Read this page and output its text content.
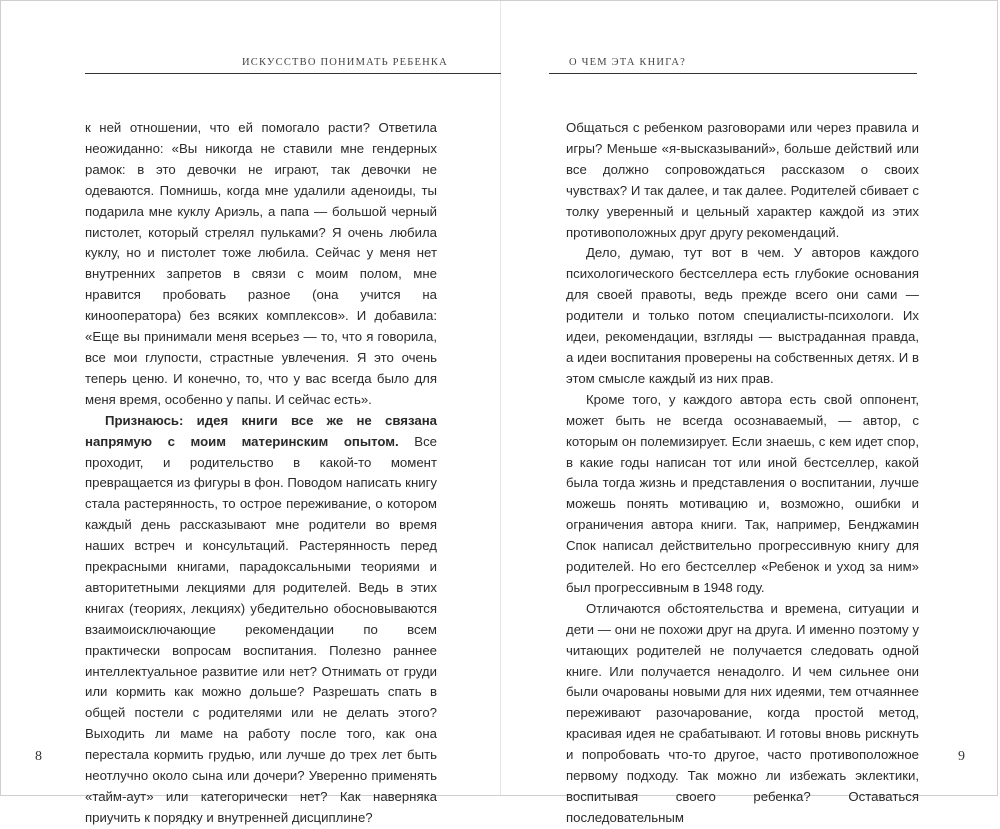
ИСКУССТВО ПОНИМАТЬ РЕБЕНКА

к ней отношении, что ей помогало расти? Ответила неожиданно: «Вы никогда не ставили мне гендерных рамок: в это девочки не играют, так девочки не одеваются. Помнишь, когда мне удалили аденоиды, ты подарила мне куклу Ариэль, а папа — большой черный пистолет, который стрелял пульками? Я очень любила куклу, но и пистолет тоже любила. Сейчас у меня нет внутренних запретов в связи с моим полом, мне нравится пробовать разное (она учится на кинооператора) без всяких комплексов». И добавила: «Еще вы принимали меня всерьез — то, что я говорила, все мои глупости, страстные увлечения. Я это очень теперь ценю. И конечно, то, что у вас всегда было для меня время, особенно у папы. И сейчас есть».

Признаюсь: идея книги все же не связана напрямую с моим материнским опытом. Все проходит, и родительство в какой-то момент превращается из фигуры в фон. Поводом написать книгу стала растерянность, то острое переживание, о котором каждый день рассказывают мне родители во время наших встреч и консультаций. Растерянность перед прекрасными книгами, парадоксальными теориями и авторитетными лекциями для родителей. Ведь в этих книгах (теориях, лекциях) убедительно обосновываются взаимоисключающие рекомендации по всем практически вопросам воспитания. Полезно раннее интеллектуальное развитие или нет? Отнимать от груди или кормить как можно дольше? Разрешать спать в общей постели с родителями или не делать этого? Выходить ли маме на работу после того, как она перестала кормить грудью, или лучше до трех лет быть неотлучно около сына или дочери? Уверенно применять «тайм-аут» или категорически нет? Как наверняка приучить к порядку и внутренней дисциплине?

8
О ЧЕМ ЭТА КНИГА?

Общаться с ребенком разговорами или через правила и игры? Меньше «я-высказываний», больше действий или все должно сопровождаться рассказом о своих чувствах? И так далее, и так далее. Родителей сбивает с толку уверенный и цельный характер каждой из этих противоположных друг другу рекомендаций.

Дело, думаю, тут вот в чем. У авторов каждого психологического бестселлера есть глубокие основания для своей правоты, ведь прежде всего они сами — родители и только потом специалисты-психологи. Их идеи, рекомендации, взгляды — выстраданная правда, а идеи воспитания проверены на собственных детях. И в этом смысле каждый из них прав.

Кроме того, у каждого автора есть свой оппонент, может быть не всегда осознаваемый, — автор, с которым он полемизирует. Если знаешь, с кем идет спор, в какие годы написан тот или иной бестселлер, какой была тогда жизнь и представления о воспитании, лучше можешь понять мотивацию и, возможно, ошибки и ограничения автора книги. Так, например, Бенджамин Спок написал действительно прогрессивную книгу для родителей. Но его бестселлер «Ребенок и уход за ним» был прогрессивным в 1948 году.

Отличаются обстоятельства и времена, ситуации и дети — они не похожи друг на друга. И именно поэтому у читающих родителей не получается следовать одной книге. Или получается ненадолго. И чем сильнее они были очарованы новыми для них идеями, тем отчаяннее переживают разочарование, когда простой метод, красивая идея не срабатывают. И готовы вновь рискнуть и попробовать что-то другое, часто противоположное первому подходу. Так можно ли избежать эклектики, воспитывая своего ребенка? Оставаться последовательным

9
